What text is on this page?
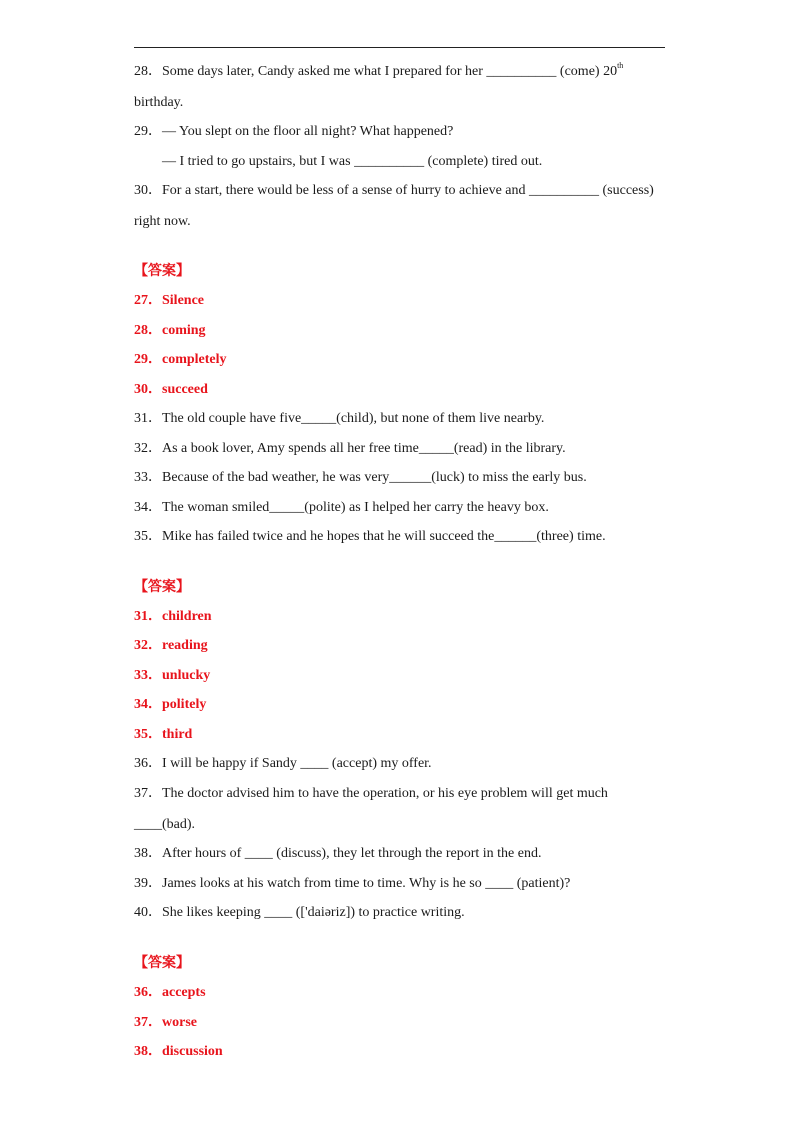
28．Some days later, Candy asked me what I prepared for her __________ (come) 20th
birthday.
29．— You slept on the floor all night? What happened?
— I tried to go upstairs, but I was __________ (complete) tired out.
30．For a start, there would be less of a sense of hurry to achieve and __________ (success)
right now.
【答案】
27．Silence
28．coming
29．completely
30．succeed
31．The old couple have five_____(child), but none of them live nearby.
32．As a book lover, Amy spends all her free time_____(read) in the library.
33．Because of the bad weather, he was very______(luck) to miss the early bus.
34．The woman smiled_____(polite) as I helped her carry the heavy box.
35．Mike has failed twice and he hopes that he will succeed the______(three) time.
【答案】
31．children
32．reading
33．unlucky
34．politely
35．third
36．I will be happy if Sandy ____ (accept) my offer.
37．The doctor advised him to have the operation, or his eye problem will get much
____(bad).
38．After hours of ____ (discuss), they let through the report in the end.
39．James looks at his watch from time to time. Why is he so ____ (patient)?
40．She likes keeping ____ (['daiəriz]) to practice writing.
【答案】
36．accepts
37．worse
38．discussion
